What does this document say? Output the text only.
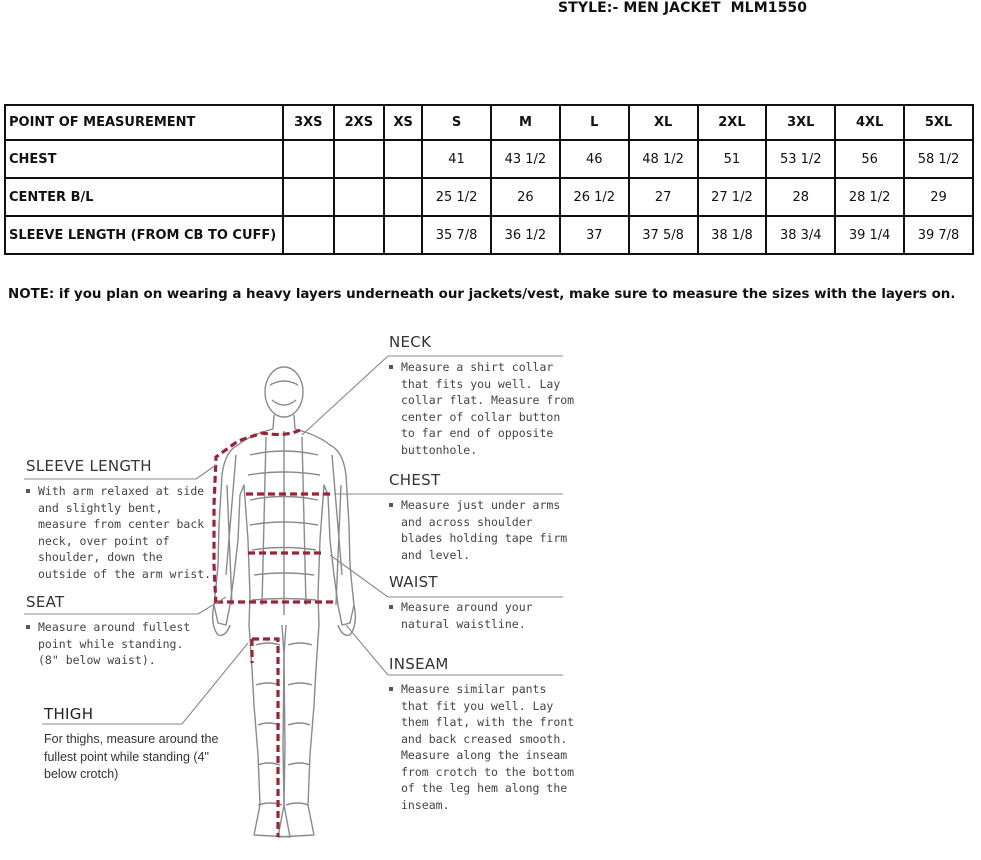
STYLE:- MEN JACKET  MLM1550
POINT OF MEASUREMENT	3XS	2XS	XS	S	M	L	XL	2XL	3XL	4XL	5XL
CHEST				41	43 1/2	46	48 1/2	51	53 1/2	56	58 1/2
CENTER B/L				25 1/2	26	26 1/2	27	27 1/2	28	28 1/2	29
SLEEVE LENGTH (FROM CB TO CUFF)				35 7/8	36 1/2	37	37 5/8	38 1/8	38 3/4	39 1/4	39 7/8
NOTE: if you plan on wearing a heavy layers underneath our jackets/vest, make sure to measure the sizes with the layers on.
NECK
Measure a shirt collar that fits you well. Lay collar flat. Measure from center of collar button to far end of opposite buttonhole.
CHEST
Measure just under arms and across shoulder blades holding tape firm and level.
WAIST
Measure around your natural waistline.
INSEAM
Measure similar pants that fit you well. Lay them flat, with the front and back creased smooth. Measure along the inseam from crotch to the bottom of the leg hem along the inseam.
SLEEVE LENGTH
With arm relaxed at side and slightly bent, measure from center back neck, over point of shoulder, down the outside of the arm wrist.
SEAT
Measure around fullest point while standing. (8" below waist).
THIGH
For thighs, measure around the fullest point while standing (4" below crotch)
